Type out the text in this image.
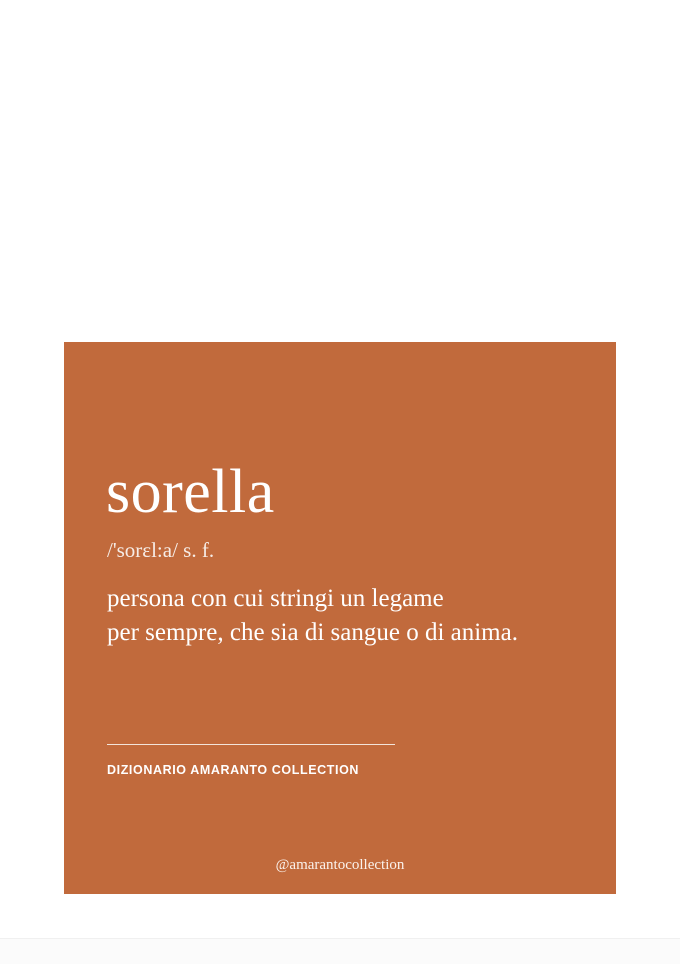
sorella
/'sorɛl:a/ s. f.
persona con cui stringi un legame
per sempre, che sia di sangue o di anima.
DIZIONARIO AMARANTO COLLECTION
@amarantocollection
